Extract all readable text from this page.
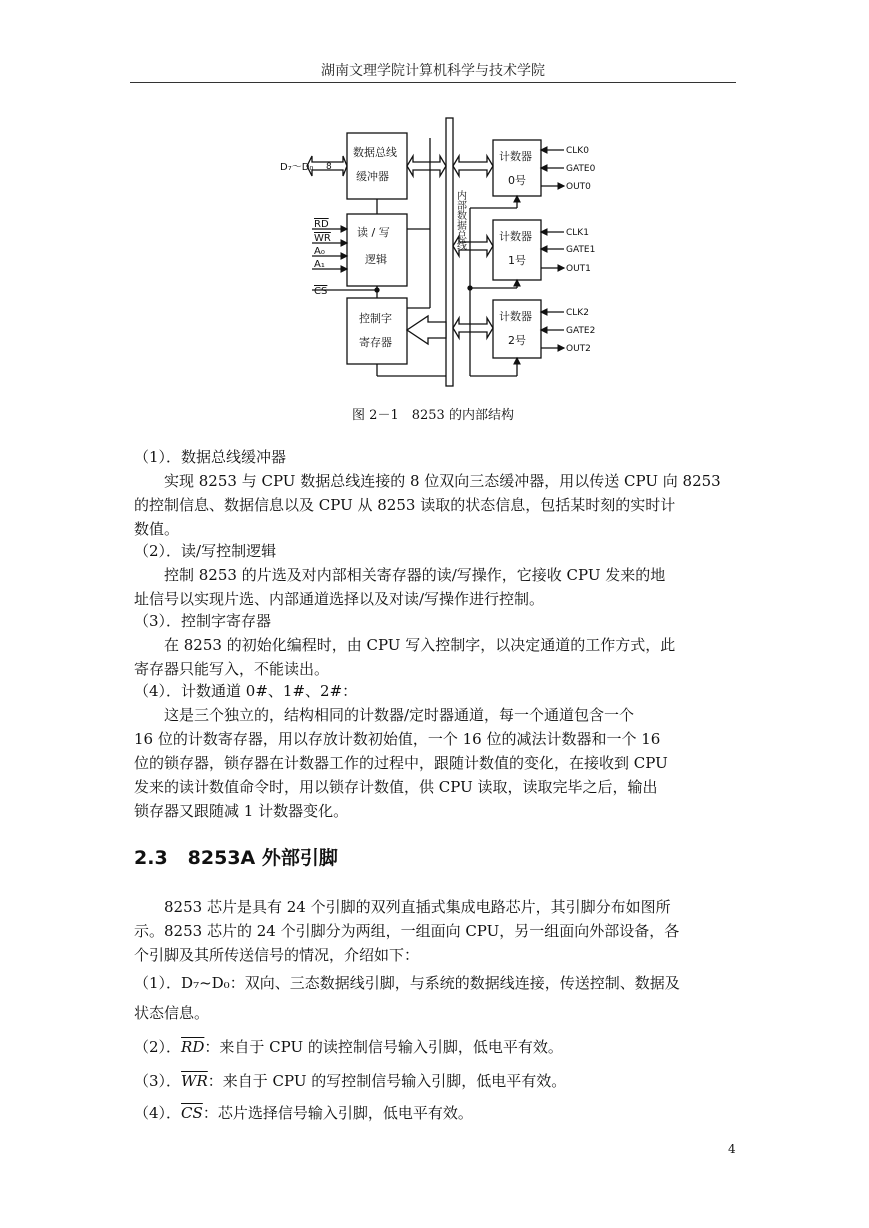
湖南文理学院计算机科学与技术学院
D₇～D₀ 8
数据总线
缓冲器
读 / 写
逻辑
RD
WR
A₀
A₁
CS
控制字
寄存器
内部数据总线
计数器
0号
计数器
1号
计数器
2号
CLK0
GATE0
OUT0
CLK1
GATE1
OUT1
CLK2
GATE2
OUT2
图 2－1　8253 的内部结构
（1）．数据总线缓冲器
　　实现 8253 与 CPU 数据总线连接的 8 位双向三态缓冲器，用以传送 CPU 向 8253
的控制信息、数据信息以及 CPU 从 8253 读取的状态信息，包括某时刻的实时计
数值。
（2）．读/写控制逻辑
　　控制 8253 的片选及对内部相关寄存器的读/写操作，它接收 CPU 发来的地
址信号以实现片选、内部通道选择以及对读/写操作进行控制。
（3）．控制字寄存器
　　在 8253 的初始化编程时，由 CPU 写入控制字，以决定通道的工作方式，此
寄存器只能写入，不能读出。
（4）．计数通道 0#、1#、2#：
　　这是三个独立的，结构相同的计数器/定时器通道，每一个通道包含一个
16 位的计数寄存器，用以存放计数初始值，一个 16 位的减法计数器和一个 16
位的锁存器，锁存器在计数器工作的过程中，跟随计数值的变化，在接收到 CPU
发来的读计数值命令时，用以锁存计数值，供 CPU 读取，读取完毕之后，输出
锁存器又跟随减 1 计数器变化。
2.3 8253A 外部引脚
　　8253 芯片是具有 24 个引脚的双列直插式集成电路芯片，其引脚分布如图所
示。8253 芯片的 24 个引脚分为两组，一组面向 CPU，另一组面向外部设备，各
个引脚及其所传送信号的情况，介绍如下：
（1）．D₇~D₀：双向、三态数据线引脚，与系统的数据线连接，传送控制、数据及
状态信息。
（2）．$\overline{RD}$：来自于 CPU 的读控制信号输入引脚，低电平有效。
（3）．$\overline{WR}$：来自于 CPU 的写控制信号输入引脚，低电平有效。
（4）．$\overline{CS}$：芯片选择信号输入引脚，低电平有效。
4
